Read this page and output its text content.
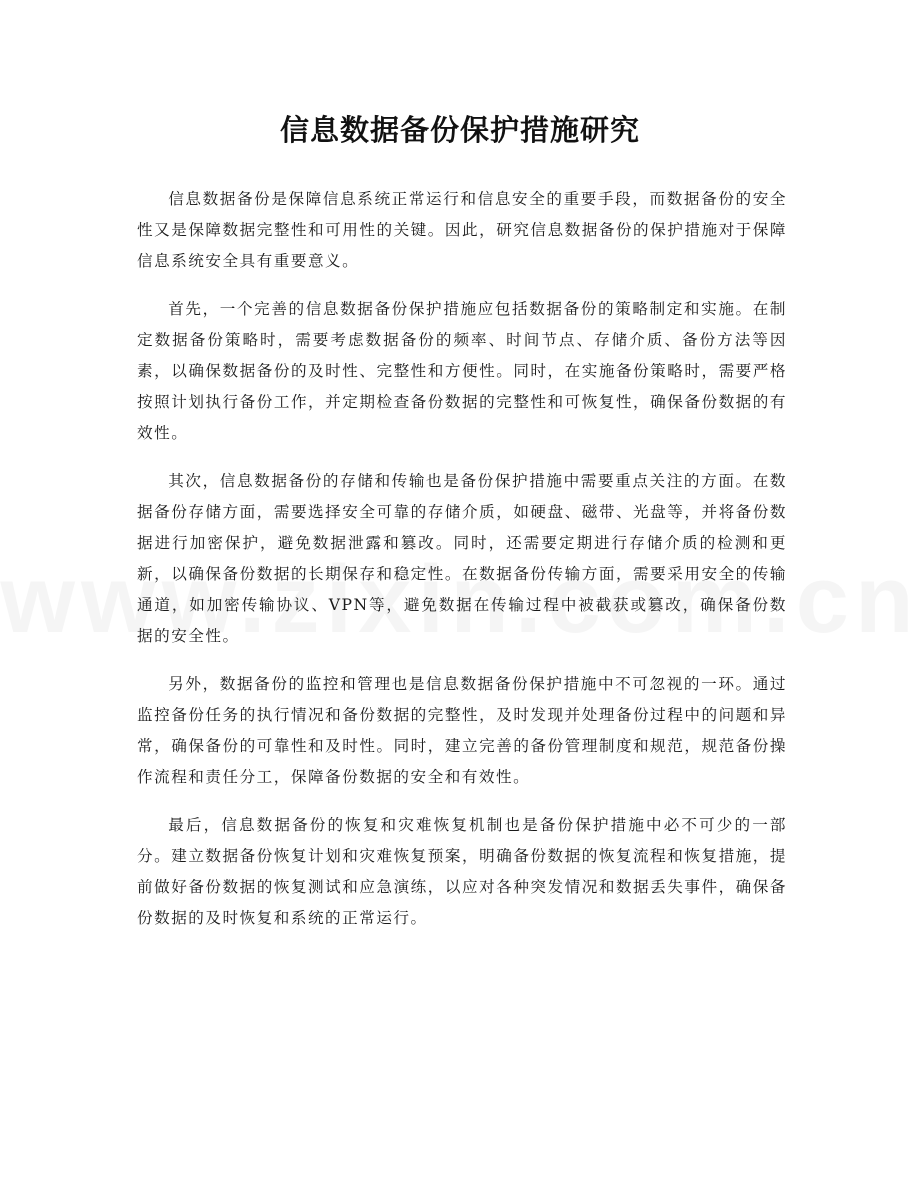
信息数据备份保护措施研究

信息数据备份是保障信息系统正常运行和信息安全的重要手段，而数据备份的安全性又是保障数据完整性和可用性的关键。因此，研究信息数据备份的保护措施对于保障信息系统安全具有重要意义。

首先，一个完善的信息数据备份保护措施应包括数据备份的策略制定和实施。在制定数据备份策略时，需要考虑数据备份的频率、时间节点、存储介质、备份方法等因素，以确保数据备份的及时性、完整性和方便性。同时，在实施备份策略时，需要严格按照计划执行备份工作，并定期检查备份数据的完整性和可恢复性，确保备份数据的有效性。

其次，信息数据备份的存储和传输也是备份保护措施中需要重点关注的方面。在数据备份存储方面，需要选择安全可靠的存储介质，如硬盘、磁带、光盘等，并将备份数据进行加密保护，避免数据泄露和篡改。同时，还需要定期进行存储介质的检测和更新，以确保备份数据的长期保存和稳定性。在数据备份传输方面，需要采用安全的传输通道，如加密传输协议、VPN等，避免数据在传输过程中被截获或篡改，确保备份数据的安全性。

另外，数据备份的监控和管理也是信息数据备份保护措施中不可忽视的一环。通过监控备份任务的执行情况和备份数据的完整性，及时发现并处理备份过程中的问题和异常，确保备份的可靠性和及时性。同时，建立完善的备份管理制度和规范，规范备份操作流程和责任分工，保障备份数据的安全和有效性。

最后，信息数据备份的恢复和灾难恢复机制也是备份保护措施中必不可少的一部分。建立数据备份恢复计划和灾难恢复预案，明确备份数据的恢复流程和恢复措施，提前做好备份数据的恢复测试和应急演练，以应对各种突发情况和数据丢失事件，确保备份数据的及时恢复和系统的正常运行。
